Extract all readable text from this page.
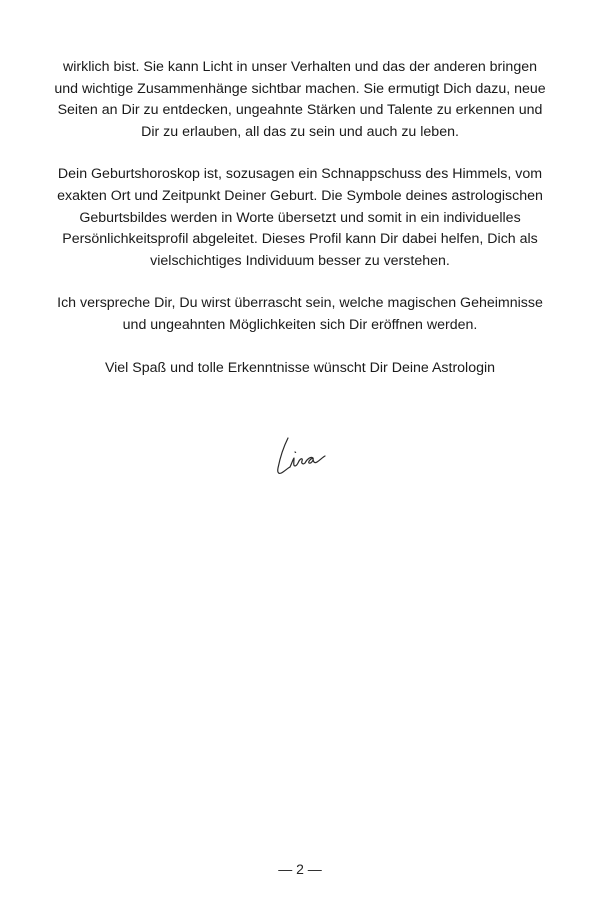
wirklich bist. Sie kann Licht in unser Verhalten und das der anderen bringen und wichtige Zusammenhänge sichtbar machen. Sie ermutigt Dich dazu, neue Seiten an Dir zu entdecken, ungeahnte Stärken und Talente zu erkennen und Dir zu erlauben, all das zu sein und auch zu leben.

Dein Geburtshoroskop ist, sozusagen ein Schnappschuss des Himmels, vom exakten Ort und Zeitpunkt Deiner Geburt. Die Symbole deines astrologischen Geburtsbildes werden in Worte übersetzt und somit in ein individuelles Persönlichkeitsprofil abgeleitet. Dieses Profil kann Dir dabei helfen, Dich als vielschichtiges Individuum besser zu verstehen.

Ich verspreche Dir, Du wirst überrascht sein, welche magischen Geheimnisse und ungeahnten Möglichkeiten sich Dir eröffnen werden.

Viel Spaß und tolle Erkenntnisse wünscht Dir Deine Astrologin

— 2 —
